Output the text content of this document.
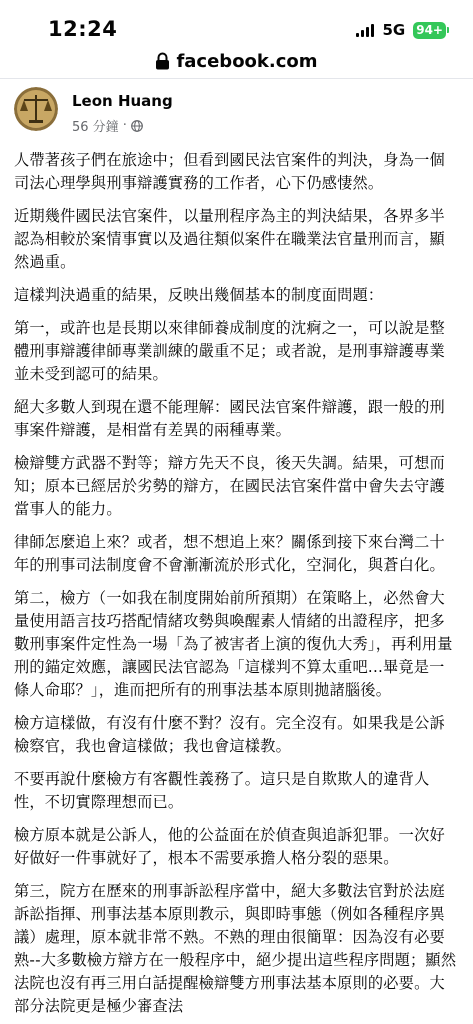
12:24	5G 94+
facebook.com
Leon Huang
56 分鐘 ·

人帶著孩子們在旅途中；但看到國民法官案件的判決，身為一個司法心理學與刑事辯護實務的工作者，心下仍感悽然。

近期幾件國民法官案件，以量刑程序為主的判決結果，各界多半認為相較於案情事實以及過往類似案件在職業法官量刑而言，顯然過重。

這樣判決過重的結果，反映出幾個基本的制度面問題：

第一，或許也是長期以來律師養成制度的沈痾之一，可以說是整體刑事辯護律師專業訓練的嚴重不足；或者說，是刑事辯護專業並未受到認可的結果。

絕大多數人到現在還不能理解：國民法官案件辯護，跟一般的刑事案件辯護，是相當有差異的兩種專業。

檢辯雙方武器不對等；辯方先天不良，後天失調。結果，可想而知；原本已經居於劣勢的辯方，在國民法官案件當中會失去守護當事人的能力。

律師怎麼追上來？或者，想不想追上來？關係到接下來台灣二十年的刑事司法制度會不會漸漸流於形式化，空洞化，與蒼白化。

第二，檢方（一如我在制度開始前所預期）在策略上，必然會大量使用語言技巧搭配情緒攻勢與喚醒素人情緒的出證程序，把多數刑事案件定性為一場「為了被害者上演的復仇大秀」，再利用量刑的錨定效應，讓國民法官認為「這樣判不算太重吧...畢竟是一條人命耶？」，進而把所有的刑事法基本原則拋諸腦後。

檢方這樣做，有沒有什麼不對？沒有。完全沒有。如果我是公訴檢察官，我也會這樣做；我也會這樣教。

不要再說什麼檢方有客觀性義務了。這只是自欺欺人的違背人性，不切實際理想而已。

檢方原本就是公訴人，他的公益面在於偵查與追訴犯罪。一次好好做好一件事就好了，根本不需要承擔人格分裂的惡果。

第三，院方在歷來的刑事訴訟程序當中，絕大多數法官對於法庭訴訟指揮、刑事法基本原則教示，與即時事態（例如各種程序異議）處理，原本就非常不熟。不熟的理由很簡單：因為沒有必要熟--大多數檢方辯方在一般程序中，絕少提出這些程序問題；顯然法院也沒有再三用白話提醒檢辯雙方刑事法基本原則的必要。大部分法院更是極少審查法
